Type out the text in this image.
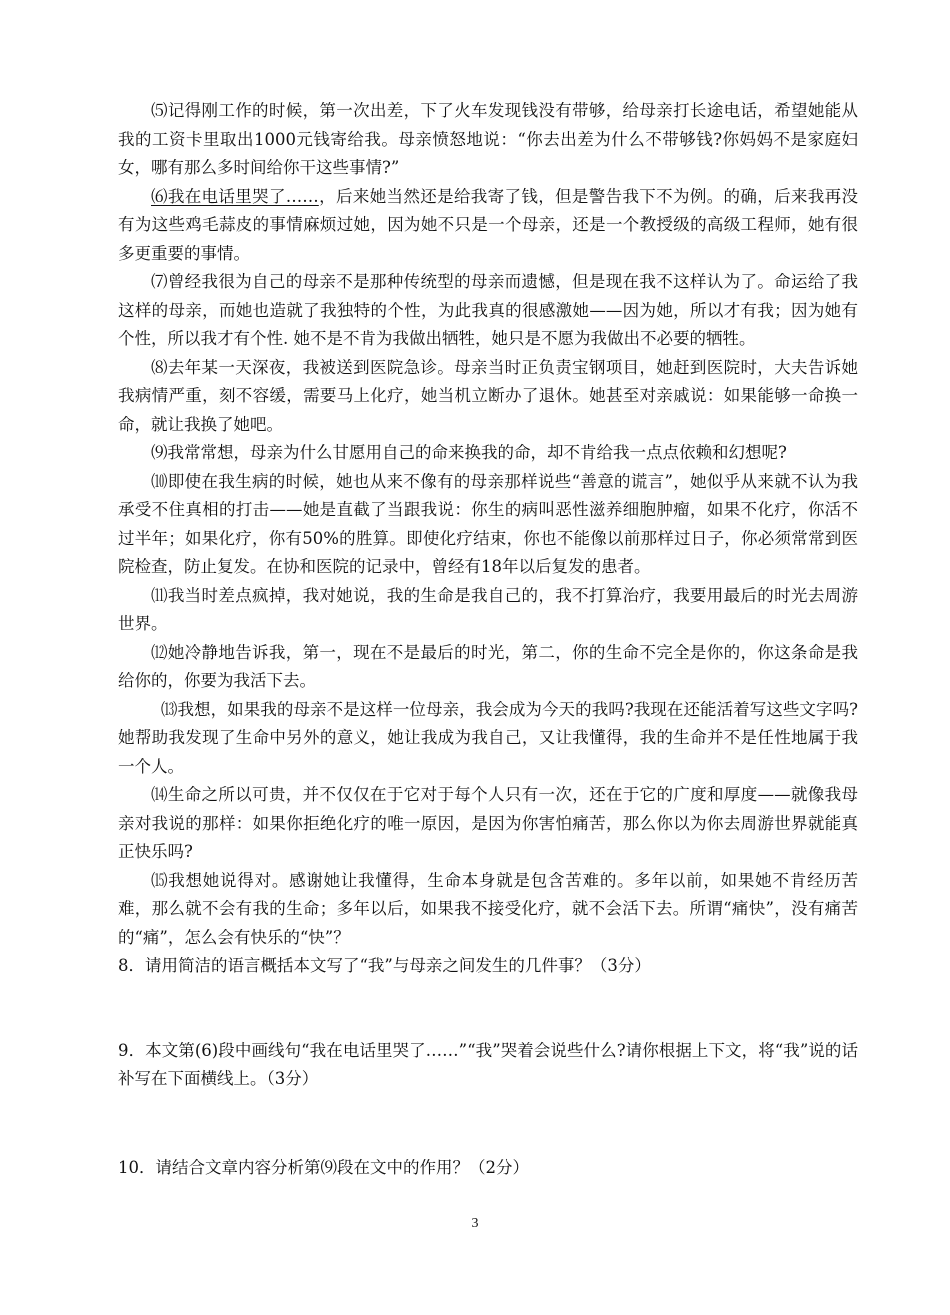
⑸记得刚工作的时候，第一次出差，下了火车发现钱没有带够，给母亲打长途电话，希望她能从我的工资卡里取出1000元钱寄给我。母亲愤怒地说：“你去出差为什么不带够钱?你妈妈不是家庭妇女，哪有那么多时间给你干这些事情?”

⑹我在电话里哭了……，后来她当然还是给我寄了钱，但是警告我下不为例。的确，后来我再没有为这些鸡毛蒜皮的事情麻烦过她，因为她不只是一个母亲，还是一个教授级的高级工程师，她有很多更重要的事情。

⑺曾经我很为自己的母亲不是那种传统型的母亲而遗憾，但是现在我不这样认为了。命运给了我这样的母亲，而她也造就了我独特的个性，为此我真的很感激她——因为她，所以才有我；因为她有个性，所以我才有个性. 她不是不肯为我做出牺牲，她只是不愿为我做出不必要的牺牲。

⑻去年某一天深夜，我被送到医院急诊。母亲当时正负责宝钢项目，她赶到医院时，大夫告诉她我病情严重，刻不容缓，需要马上化疗，她当机立断办了退休。她甚至对亲戚说：如果能够一命换一命，就让我换了她吧。

⑼我常常想，母亲为什么甘愿用自己的命来换我的命，却不肯给我一点点依赖和幻想呢?

⑽即使在我生病的时候，她也从来不像有的母亲那样说些“善意的谎言”，她似乎从来就不认为我承受不住真相的打击——她是直截了当跟我说：你生的病叫恶性滋养细胞肿瘤，如果不化疗，你活不过半年；如果化疗，你有50%的胜算。即使化疗结束，你也不能像以前那样过日子，你必须常常到医院检查，防止复发。在协和医院的记录中，曾经有18年以后复发的患者。

⑾我当时差点疯掉，我对她说，我的生命是我自己的，我不打算治疗，我要用最后的时光去周游世界。

⑿她冷静地告诉我，第一，现在不是最后的时光，第二，你的生命不完全是你的，你这条命是我给你的，你要为我活下去。

⒀我想，如果我的母亲不是这样一位母亲，我会成为今天的我吗?我现在还能活着写这些文字吗?她帮助我发现了生命中另外的意义，她让我成为我自己，又让我懂得，我的生命并不是任性地属于我一个人。

⒁生命之所以可贵，并不仅仅在于它对于每个人只有一次，还在于它的广度和厚度——就像我母亲对我说的那样：如果你拒绝化疗的唯一原因，是因为你害怕痛苦，那么你以为你去周游世界就能真正快乐吗?

⒂我想她说得对。感谢她让我懂得，生命本身就是包含苦难的。多年以前，如果她不肯经历苦难，那么就不会有我的生命；多年以后，如果我不接受化疗，就不会活下去。所谓“痛快”，没有痛苦的“痛”，怎么会有快乐的“快”？

8．请用简洁的语言概括本文写了“我”与母亲之间发生的几件事？（3分）

9．本文第(6)段中画线句“我在电话里哭了……”“我”哭着会说些什么?请你根据上下文，将“我”说的话补写在下面横线上。（3分）

10．请结合文章内容分析第⑼段在文中的作用？（2分）

3
